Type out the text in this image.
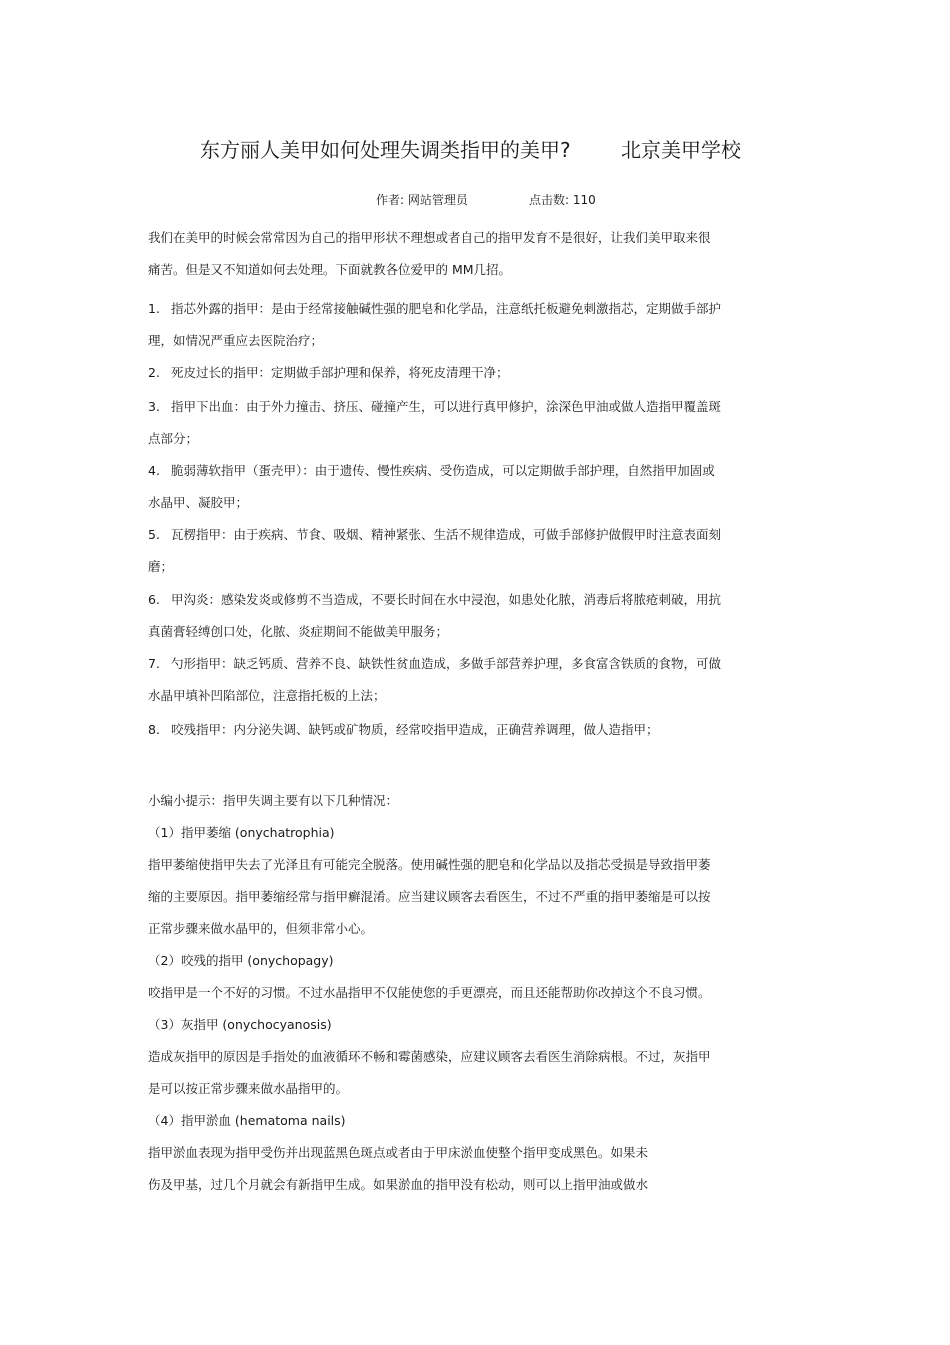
东方丽人美甲如何处理失调类指甲的美甲?	北京美甲学校
作者: 网站管理员	点击数: 110
我们在美甲的时候会常常因为自己的指甲形状不理想或者自己的指甲发育不是很好，让我们美甲取来很
痛苦。但是又不知道如何去处理。下面就教各位爱甲的 MM几招。
1. 指芯外露的指甲：是由于经常接触碱性强的肥皂和化学品，注意纸托板避免刺激指芯，定期做手部护
理，如情况严重应去医院治疗；
2. 死皮过长的指甲：定期做手部护理和保养，将死皮清理干净；
3. 指甲下出血：由于外力撞击、挤压、碰撞产生，可以进行真甲修护，涂深色甲油或做人造指甲覆盖斑
点部分；
4. 脆弱薄软指甲（蛋壳甲）：由于遗传、慢性疾病、受伤造成，可以定期做手部护理，自然指甲加固或
水晶甲、凝胶甲；
5. 瓦楞指甲：由于疾病、节食、吸烟、精神紧张、生活不规律造成，可做手部修护做假甲时注意表面刻
磨；
6. 甲沟炎：感染发炎或修剪不当造成，不要长时间在水中浸泡，如患处化脓，消毒后将脓疮刺破，用抗
真菌膏轻缚创口处，化脓、炎症期间不能做美甲服务；
7. 勺形指甲：缺乏钙质、营养不良、缺铁性贫血造成，多做手部营养护理，多食富含铁质的食物，可做
水晶甲填补凹陷部位，注意指托板的上法；
8. 咬残指甲：内分泌失调、缺钙或矿物质，经常咬指甲造成，正确营养调理，做人造指甲；
小编小提示：指甲失调主要有以下几种情况：
（1）指甲萎缩 (onychatrophia)
指甲萎缩使指甲失去了光泽且有可能完全脱落。使用碱性强的肥皂和化学品以及指芯受损是导致指甲萎
缩的主要原因。指甲萎缩经常与指甲癣混淆。应当建议顾客去看医生，不过不严重的指甲萎缩是可以按
正常步骤来做水晶甲的，但须非常小心。
（2）咬残的指甲 (onychopagy)
咬指甲是一个不好的习惯。不过水晶指甲不仅能使您的手更漂亮，而且还能帮助你改掉这个不良习惯。
（3）灰指甲 (onychocyanosis)
造成灰指甲的原因是手指处的血液循环不畅和霉菌感染，应建议顾客去看医生消除病根。不过，灰指甲
是可以按正常步骤来做水晶指甲的。
（4）指甲淤血 (hematoma nails)
指甲淤血表现为指甲受伤并出现蓝黑色斑点或者由于甲床淤血使整个指甲变成黑色。如果未
伤及甲基，过几个月就会有新指甲生成。如果淤血的指甲没有松动，则可以上指甲油或做水
